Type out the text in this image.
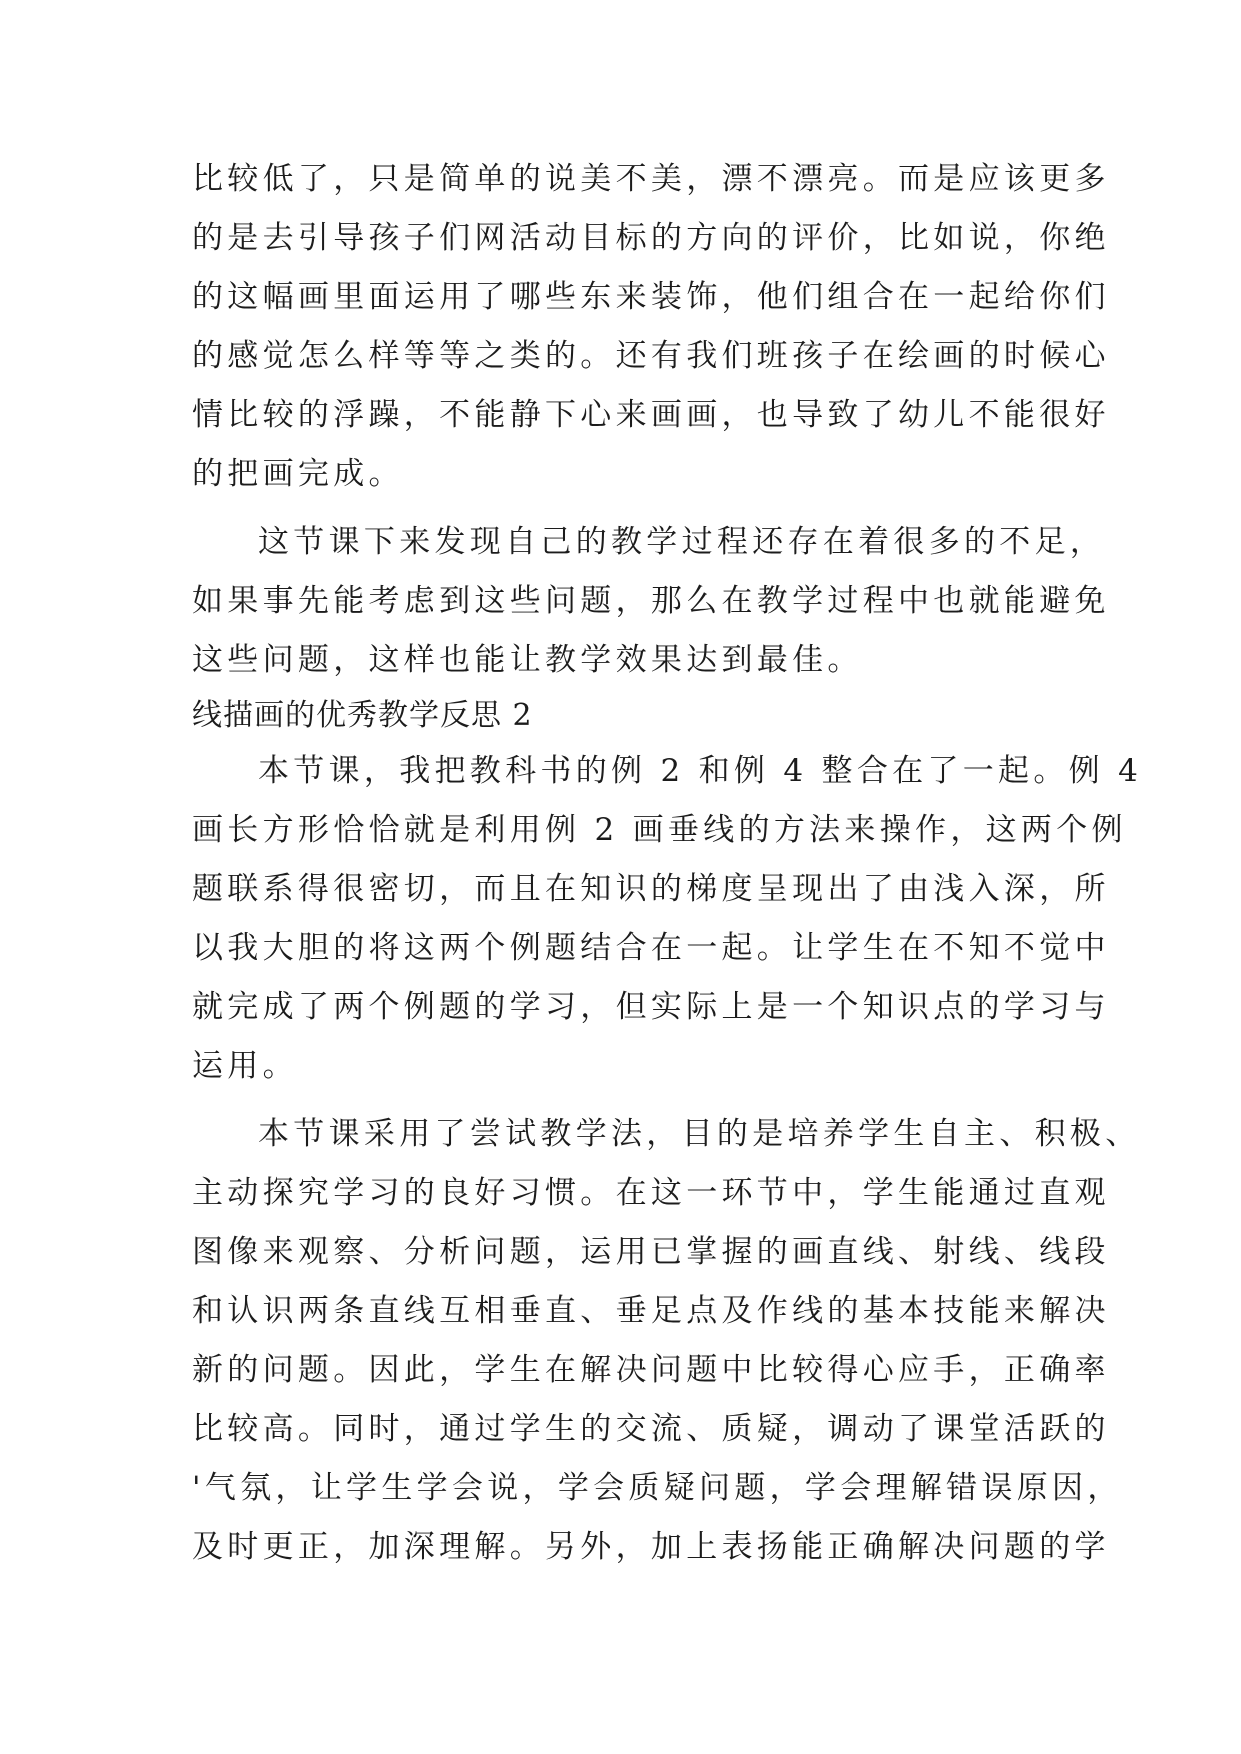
比较低了，只是简单的说美不美，漂不漂亮。而是应该更多
的是去引导孩子们网活动目标的方向的评价，比如说，你绝
的这幅画里面运用了哪些东来装饰，他们组合在一起给你们
的感觉怎么样等等之类的。还有我们班孩子在绘画的时候心
情比较的浮躁，不能静下心来画画，也导致了幼儿不能很好
的把画完成。
这节课下来发现自己的教学过程还存在着很多的不足，
如果事先能考虑到这些问题，那么在教学过程中也就能避免
这些问题，这样也能让教学效果达到最佳。
线描画的优秀教学反思 2
本节课，我把教科书的例 2 和例 4 整合在了一起。例 4
画长方形恰恰就是利用例 2 画垂线的方法来操作，这两个例
题联系得很密切，而且在知识的梯度呈现出了由浅入深，所
以我大胆的将这两个例题结合在一起。让学生在不知不觉中
就完成了两个例题的学习，但实际上是一个知识点的学习与
运用。
本节课采用了尝试教学法，目的是培养学生自主、积极、
主动探究学习的良好习惯。在这一环节中，学生能通过直观
图像来观察、分析问题，运用已掌握的画直线、射线、线段
和认识两条直线互相垂直、垂足点及作线的基本技能来解决
新的问题。因此，学生在解决问题中比较得心应手，正确率
比较高。同时，通过学生的交流、质疑，调动了课堂活跃的
'气氛，让学生学会说，学会质疑问题，学会理解错误原因，
及时更正，加深理解。另外，加上表扬能正确解决问题的学
